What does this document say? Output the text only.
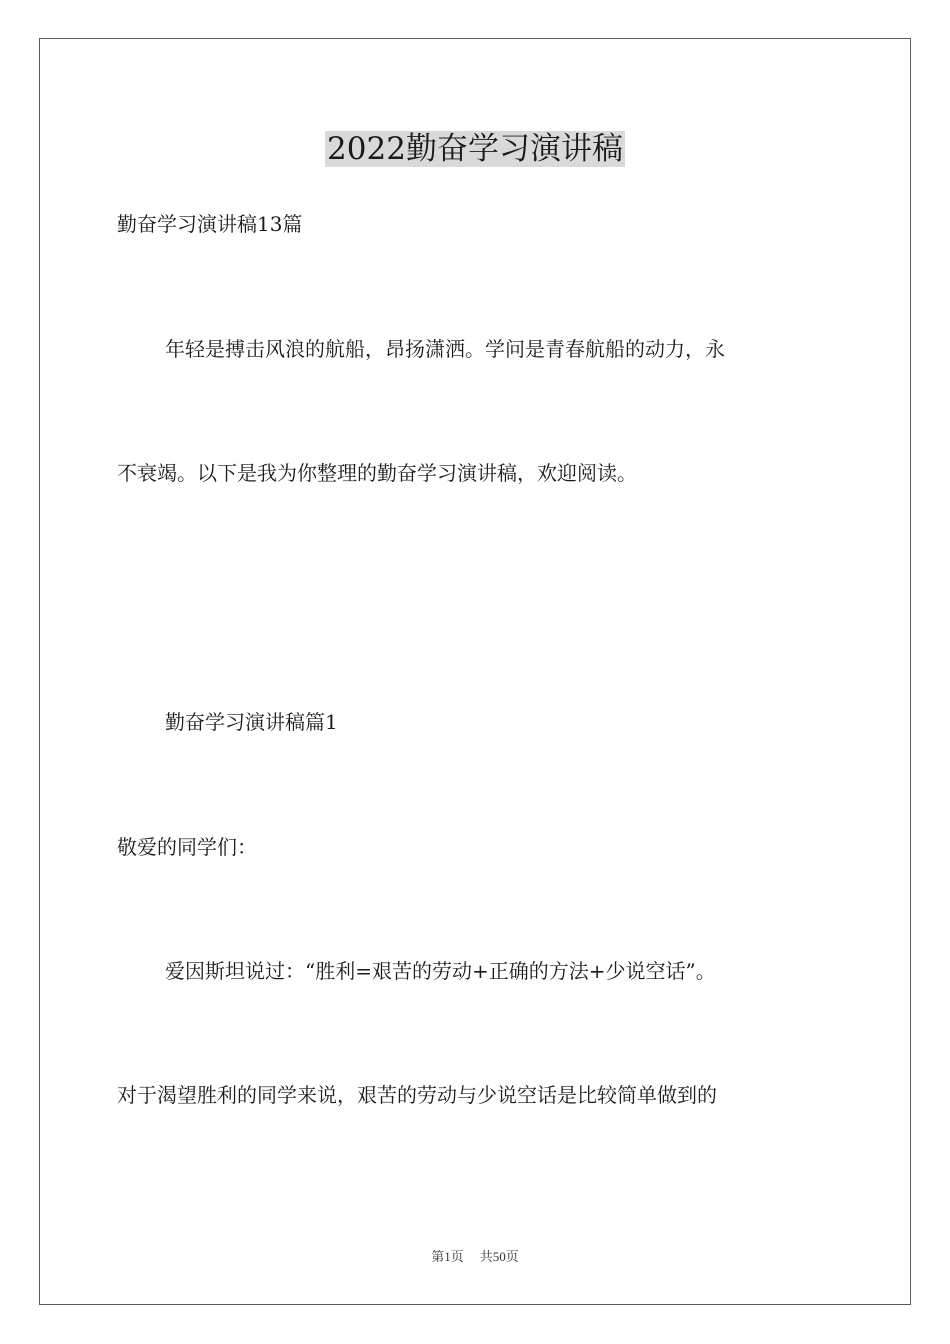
2022勤奋学习演讲稿

勤奋学习演讲稿13篇

年轻是搏击风浪的航船，昂扬潇洒。学问是青春航船的动力，永

不衰竭。以下是我为你整理的勤奋学习演讲稿，欢迎阅读。

勤奋学习演讲稿篇1

敬爱的同学们：

爱因斯坦说过：“胜利=艰苦的劳动+正确的方法+少说空话”。

对于渴望胜利的同学来说，艰苦的劳动与少说空话是比较简单做到的

第1页 共50页
